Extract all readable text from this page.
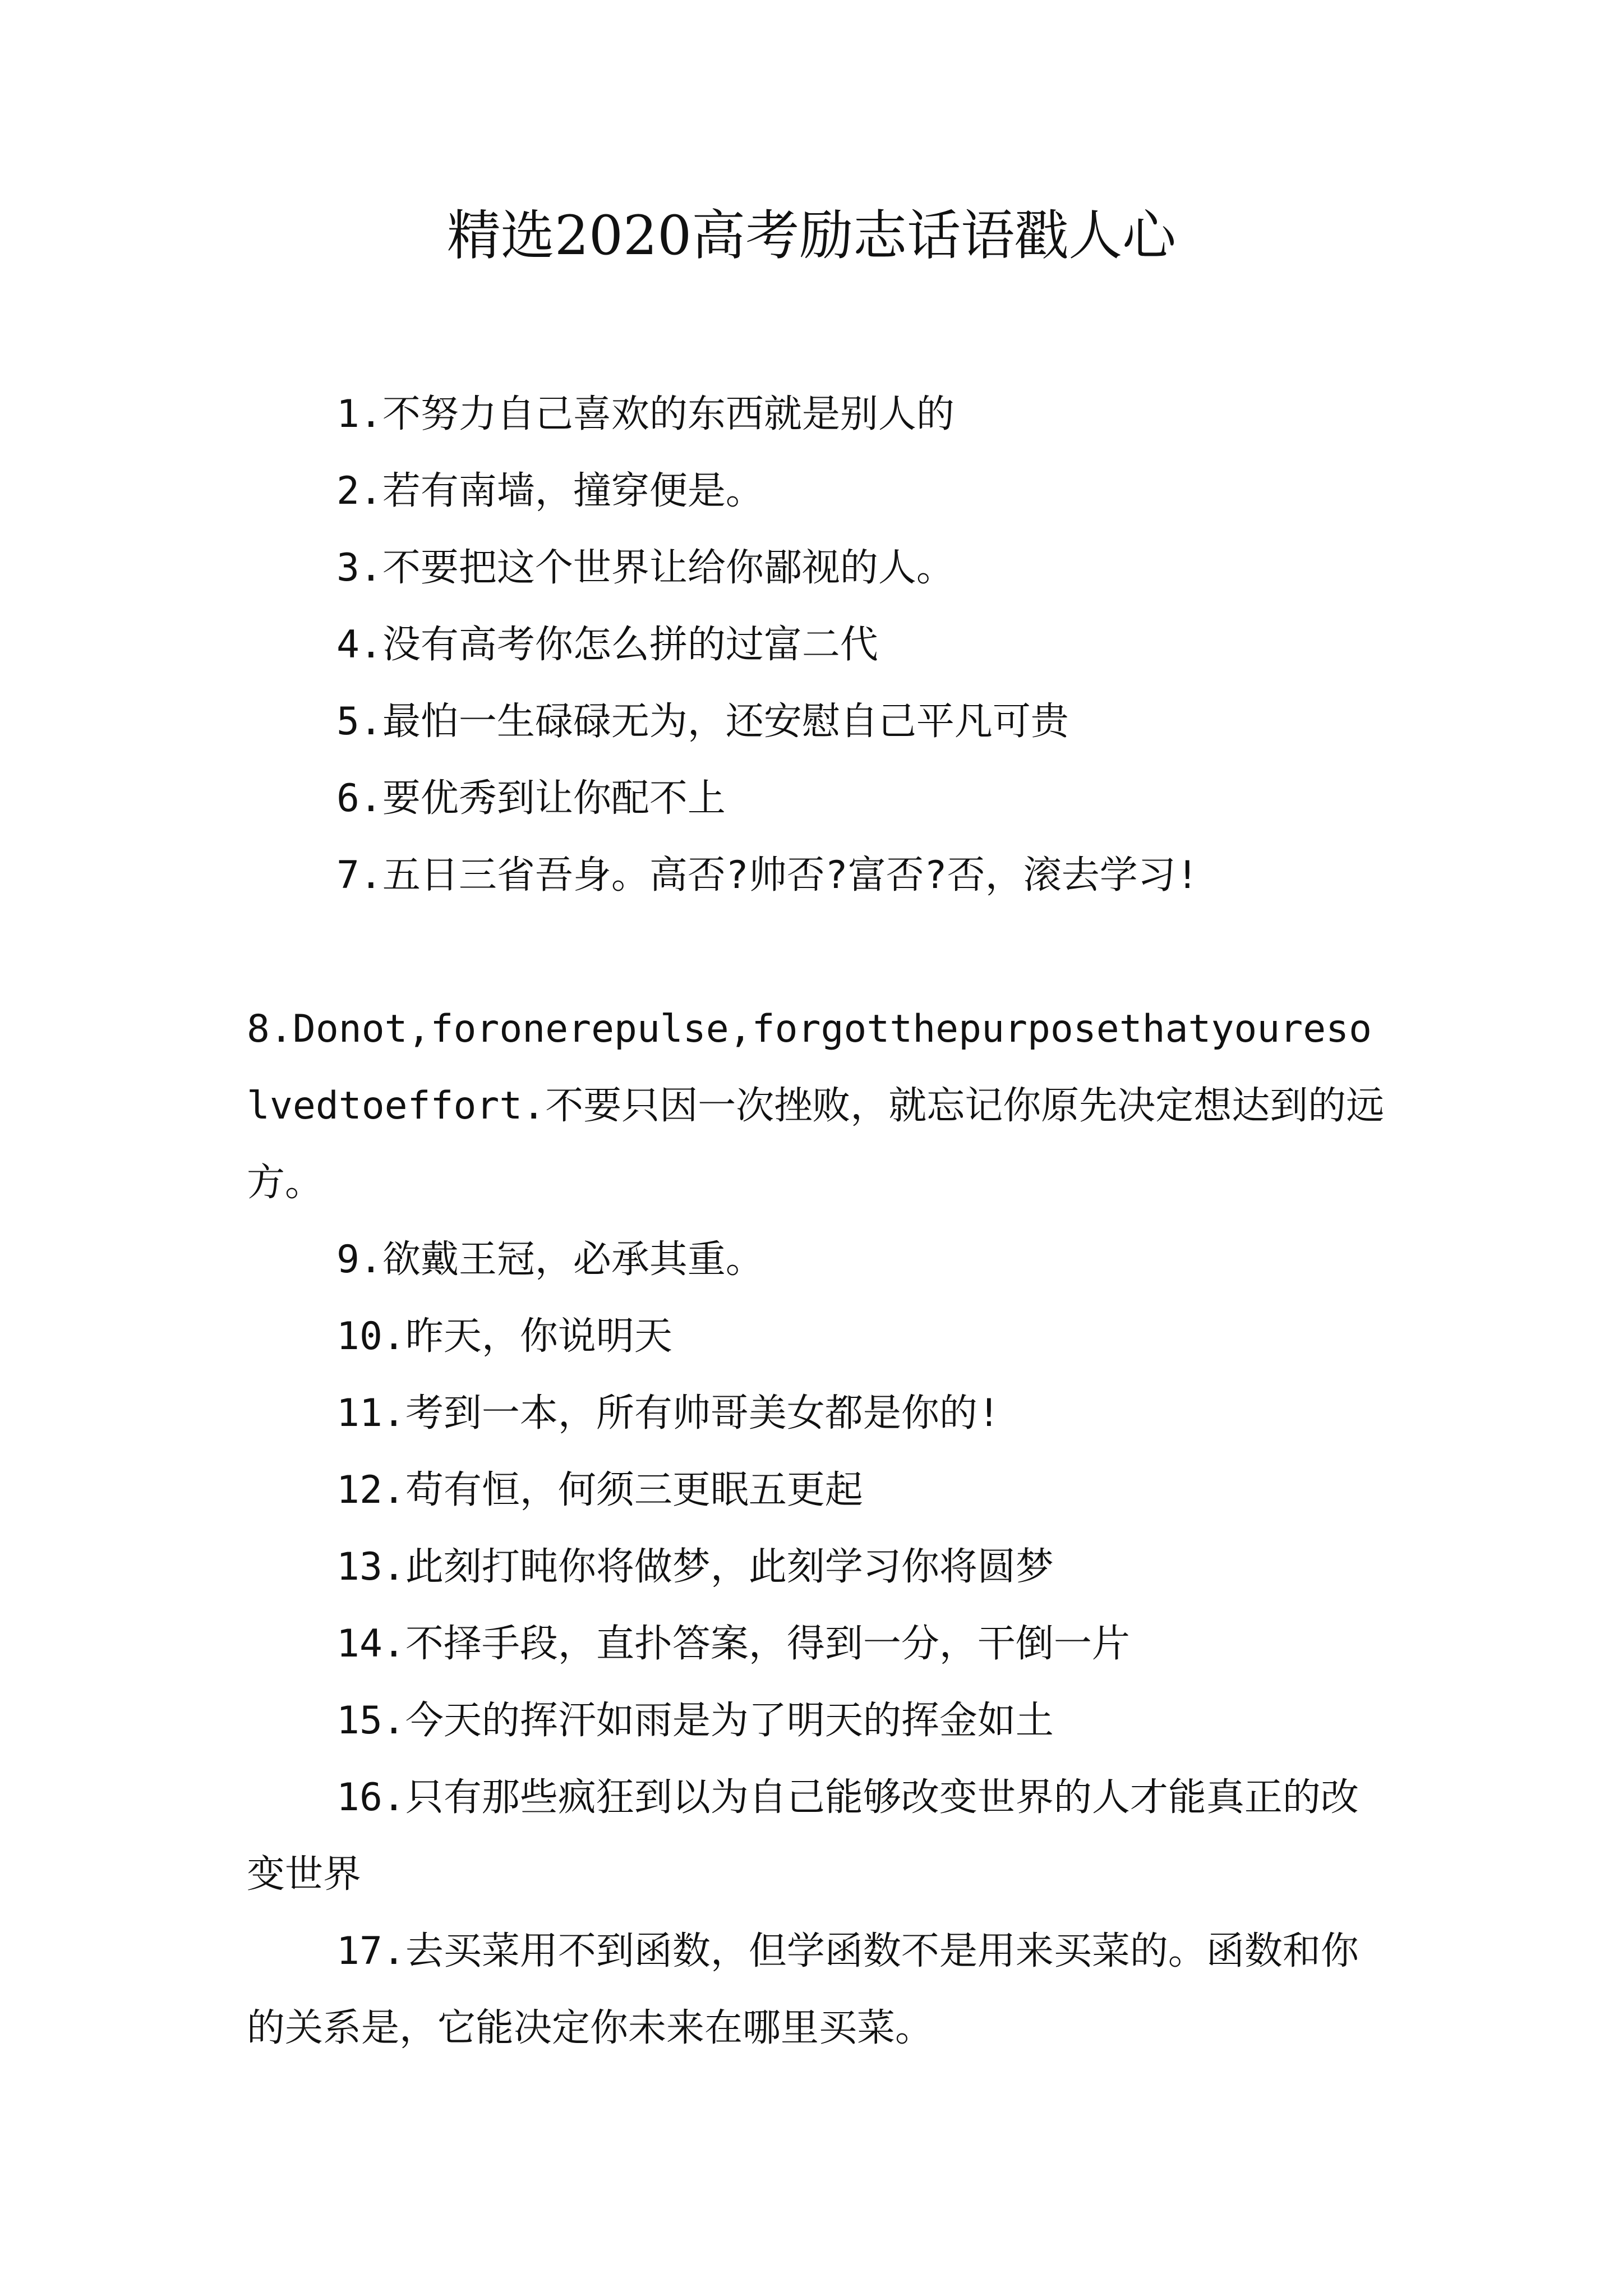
精选2020高考励志话语戳人心

1.不努力自己喜欢的东西就是别人的

2.若有南墙，撞穿便是。

3.不要把这个世界让给你鄙视的人。

4.没有高考你怎么拼的过富二代

5.最怕一生碌碌无为，还安慰自己平凡可贵

6.要优秀到让你配不上

7.五日三省吾身。高否?帅否?富否?否，滚去学习!

8.Donot,foronerepulse,forgotthepurposethatyouresolvedtoeffort.不要只因一次挫败，就忘记你原先决定想达到的远方。

9.欲戴王冠，必承其重。

10.昨天，你说明天

11.考到一本，所有帅哥美女都是你的!

12.苟有恒，何须三更眠五更起

13.此刻打盹你将做梦，此刻学习你将圆梦

14.不择手段，直扑答案，得到一分，干倒一片

15.今天的挥汗如雨是为了明天的挥金如土

16.只有那些疯狂到以为自己能够改变世界的人才能真正的改变世界

17.去买菜用不到函数，但学函数不是用来买菜的。函数和你的关系是，它能决定你未来在哪里买菜。
